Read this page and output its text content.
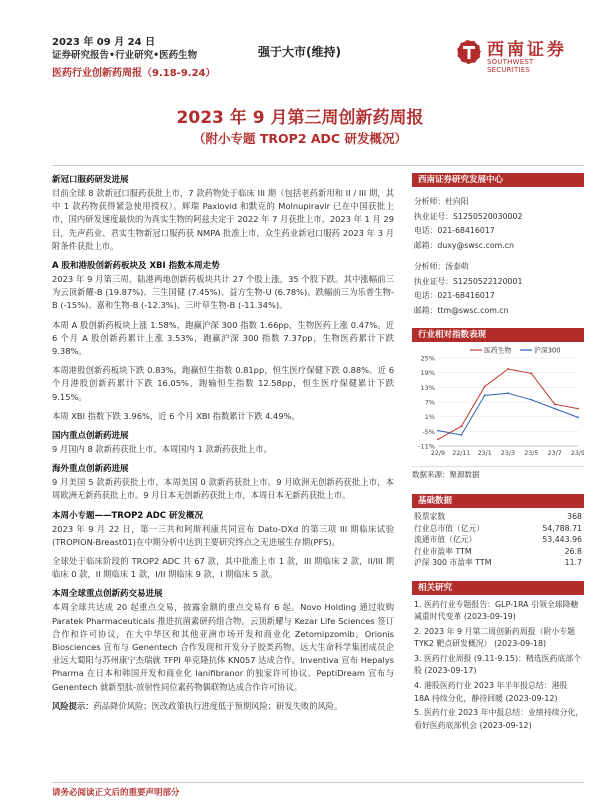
2023 年 09 月 24 日
证券研究报告•行业研究•医药生物
医药行业创新药周报（9.18-9.24）
强于大市(维持)	西南证券
SOUTHWEST SECURITIES
2023 年 9 月第三周创新药周报
（附小专题 TROP2 ADC 研发概况）

新冠口服药研发进展

目前全球 8 款新冠口服药获批上市，7 款药物处于临床 III 期（包括老药新用和 II / III 期，其中 1 款药物获得紧急使用授权）。辉瑞 Paxlovid 和默克的 Molnupiravir 已在中国获批上市，国内研发速度最快的为真实生物的阿兹夫定于 2022 年 7 月获批上市。2023 年 1 月 29 日，先声药业、君实生物新冠口服药获 NMPA 批准上市，众生药业新冠口服药 2023 年 3 月附条件获批上市。

A 股和港股创新药板块及 XBI 指数本周走势

2023 年 9 月第三周，陆港两地创新药板块共计 27 个股上涨，35 个股下跌。其中涨幅前三为云顶新耀-B (19.87%)、三生国健 (7.45%)、益方生物-U (6.78%)。跌幅前三为乐普生物-B (-15%)、嘉和生物-B (-12.3%)、三叶草生物-B (-11.34%)。

本周 A 股创新药板块上涨 1.58%，跑赢沪深 300 指数 1.66pp，生物医药上涨 0.47%。近 6 个月 A 股创新药累计上涨 3.53%，跑赢沪深 300 指数 7.37pp，生物医药累计下跌 9.38%。

本周港股创新药板块下跌 0.83%，跑赢恒生指数 0.81pp，恒生医疗保健下跌 0.88%。近 6 个月港股创新药累计下跌 16.05%，跑输恒生指数 12.58pp，恒生医疗保健累计下跌 9.15%。

本周 XBI 指数下跌 3.96%，近 6 个月 XBI 指数累计下跌 4.49%。

国内重点创新药进展

9 月国内 8 款新药获批上市，本周国内 1 款新药获批上市。

海外重点创新药进展

9 月美国 5 款新药获批上市，本周美国 0 款新药获批上市。9 月欧洲无创新药获批上市，本周欧洲无新药获批上市。9 月日本无创新药获批上市，本周日本无新药获批上市。

本周小专题——TROP2 ADC 研发概况

2023 年 9 月 22 日，第一三共和阿斯利康共同宣布 Dato-DXd 的第三项 III 期临床试验(TROPION-Breast01)在中期分析中达到主要研究终点之无进展生存期(PFS)。

全球处于临床阶段的 TROP2 ADC 共 67 款，其中批准上市 1 款，III 期临床 2 款，II/III 期临床 0 款，II 期临床 1 款，I/II 期临床 9 款，I 期临床 5 款。

本周全球重点创新药交易进展

本周全球共达成 20 起重点交易，披露金额的重点交易有 6 起。Novo Holding 通过收购 Paratek Pharmaceuticals 推进抗菌素研药组合物。云顶新耀与 Kezar Life Sciences 签订合作和许可协议，在大中华区和其他亚洲市场开发和商业化 Zetomipzomib。Orionis Biosciences 宣布与 Genentech 合作发现和开发分子胶类药物。远大生命科学集团成员企业远大蜀阳与苏州康宁杰瑞就 TFPI 单克隆抗体 KN057 达成合作。Inventiva 宣布 Hepalys Pharma 在日本和韩国开发和商业化 lanifibranor 的独家许可协议。PeptiDream 宣布与 Genentech 就新型肽-放射性同位素药物偶联物达成合作许可协议。

风险提示：药品降价风险；医改政策执行进度低于预期风险；研发失败的风险。

西南证券研究发展中心
分析师：杜向阳
执业证号：S1250520030002
电话：021-68416017
邮箱：duxy@swsc.com.cn
分析师：汤泰萌
执业证号：S1250522120001
电话：021-68416017
邮箱：ttm@swsc.com.cn
行业相对指数表现
25%
19%
13%
7%
1%
-5%
-11%
22/9 22/11 23/1 23/3 23/5 23/7 23/9
医药生物	沪深300
数据来源：聚源数据
基础数据
股票家数	368
行业总市值（亿元）	54,788.71
流通市值（亿元）	53,443.96
行业市盈率 TTM	26.8
沪深 300 市盈率 TTM	11.7
相关研究
1. 医药行业专题报告：GLP-1RA 引领全球降糖减重时代变革 (2023-09-19)
2. 2023 年 9 月第二周创新药周报（附小专题 TYK2 靶点研发概况） (2023-09-18)
3. 医药行业周报 (9.11-9.15)：精选医药底部个股 (2023-09-17)
4. 港股医药行业 2023 年半年报总结：港股 18A 持续分化，静待回暖 (2023-09-12)
5. 医药行业 2023 年中报总结：业绩持续分化，看好医药底部机会 (2023-09-12)
请务必阅读正文后的重要声明部分
